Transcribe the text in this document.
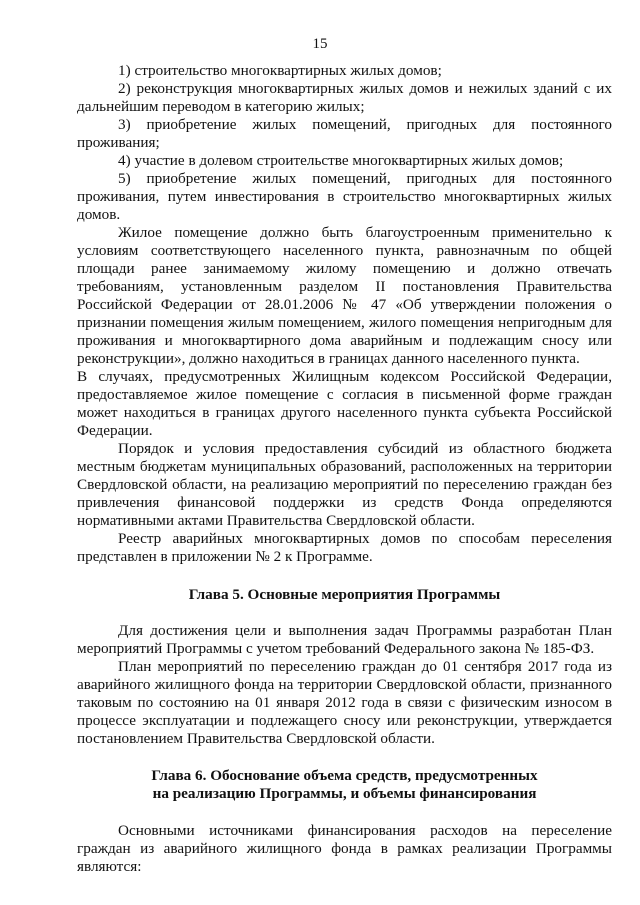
15

1) строительство многоквартирных жилых домов;

2) реконструкция многоквартирных жилых домов и нежилых зданий с их дальнейшим переводом в категорию жилых;

3) приобретение жилых помещений, пригодных для постоянного проживания;

4) участие в долевом строительстве многоквартирных жилых домов;

5) приобретение жилых помещений, пригодных для постоянного проживания, путем инвестирования в строительство многоквартирных жилых домов.

Жилое помещение должно быть благоустроенным применительно к условиям соответствующего населенного пункта, равнозначным по общей площади ранее занимаемому жилому помещению и должно отвечать требованиям, установленным разделом II постановления Правительства Российской Федерации от 28.01.2006 № 47 «Об утверждении положения о признании помещения жилым помещением, жилого помещения непригодным для проживания и многоквартирного дома аварийным и подлежащим сносу или реконструкции», должно находиться в границах данного населенного пункта.

В случаях, предусмотренных Жилищным кодексом Российской Федерации, предоставляемое жилое помещение с согласия в письменной форме граждан может находиться в границах другого населенного пункта субъекта Российской Федерации.

Порядок и условия предоставления субсидий из областного бюджета местным бюджетам муниципальных образований, расположенных на территории Свердловской области, на реализацию мероприятий по переселению граждан без привлечения финансовой поддержки из средств Фонда определяются нормативными актами Правительства Свердловской области.

Реестр аварийных многоквартирных домов по способам переселения представлен в приложении № 2 к Программе.

Глава 5. Основные мероприятия Программы

Для достижения цели и выполнения задач Программы разработан План мероприятий Программы с учетом требований Федерального закона № 185-ФЗ.

План мероприятий по переселению граждан до 01 сентября 2017 года из аварийного жилищного фонда на территории Свердловской области, признанного таковым по состоянию на 01 января 2012 года в связи с физическим износом в процессе эксплуатации и подлежащего сносу или реконструкции, утверждается постановлением Правительства Свердловской области.

Глава 6. Обоснование объема средств, предусмотренных

на реализацию Программы, и объемы финансирования

Основными источниками финансирования расходов на переселение граждан из аварийного жилищного фонда в рамках реализации Программы являются:
